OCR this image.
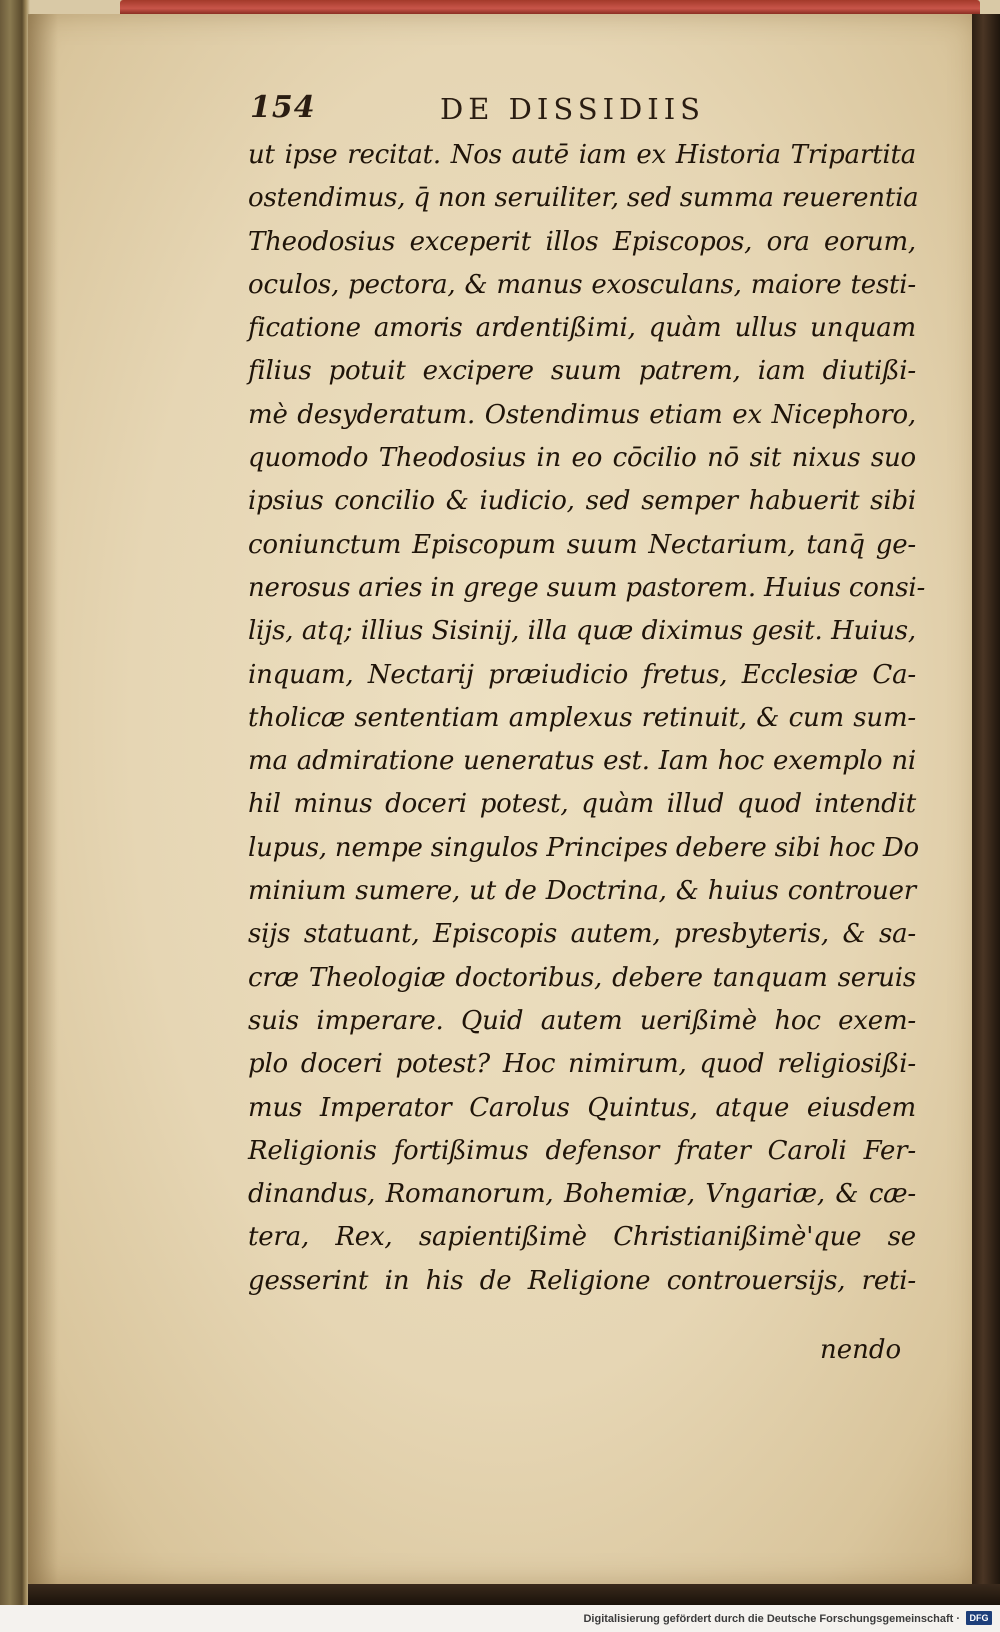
154	DE DISSIDIIS
ut ipse recitat. Nos autē iam ex Historia Tripartita
ostendimus, q̄ non seruiliter, sed summa reuerentia
Theodosius exceperit illos Episcopos, ora eorum,
oculos, pectora, & manus exosculans, maiore testi-
ficatione amoris ardentißimi, quàm ullus unquam
filius potuit excipere suum patrem, iam diutißi-
mè desyderatum. Ostendimus etiam ex Nicephoro,
quomodo Theodosius in eo cōcilio nō sit nixus suo
ipsius concilio & iudicio, sed semper habuerit sibi
coniunctum Episcopum suum Nectarium, tanq̄ ge-
nerosus aries in grege suum pastorem. Huius consi-
lijs, atq; illius Sisinij, illa quæ diximus gesit. Huius,
inquam, Nectarij præiudicio fretus, Ecclesiæ Ca-
tholicæ sententiam amplexus retinuit, & cum sum-
ma admiratione ueneratus est. Iam hoc exemplo ni
hil minus doceri potest, quàm illud quod intendit
lupus, nempe singulos Principes debere sibi hoc Do
minium sumere, ut de Doctrina, & huius controuer
sijs statuant, Episcopis autem, presbyteris, & sa-
cræ Theologiæ doctoribus, debere tanquam seruis
suis imperare. Quid autem uerißimè hoc exem-
plo doceri potest? Hoc nimirum, quod religiosißi-
mus Imperator Carolus Quintus, atque eiusdem
Religionis fortißimus defensor frater Caroli Fer-
dinandus, Romanorum, Bohemiæ, Vngariæ, & cæ-
tera, Rex, sapientißimè Christianißimè'que se
gesserint in his de Religione controuersijs, reti-
nendo
Digitalisierung gefördert durch die Deutsche Forschungsgemeinschaft ·	DFG
